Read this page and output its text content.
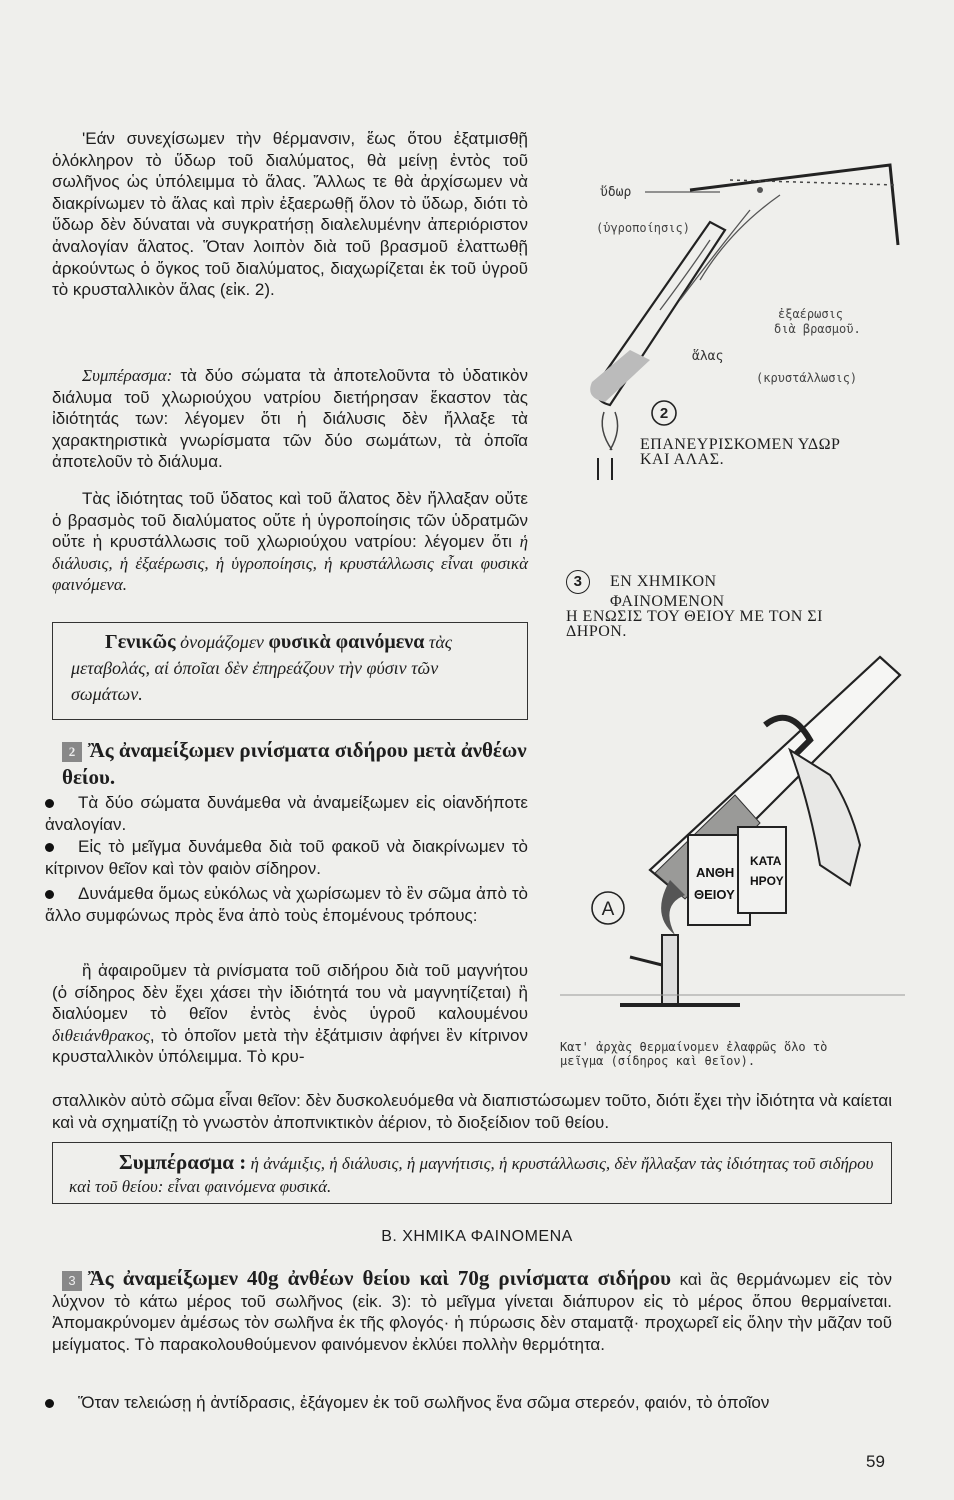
'Εάν συνεχίσωμεν τὴν θέρμανσιν, ἕως ὅτου ἐξατμισθῇ ὁλόκληρον τὸ ὕδωρ τοῦ διαλύματος, θὰ μείνῃ ἐντὸς τοῦ σωλῆνος ὡς ὑπόλειμμα τὸ ἅλας. Ἄλλως τε θὰ ἀρχίσωμεν νὰ διακρίνωμεν τὸ ἅλας καὶ πρὶν ἐξαερωθῇ ὅλον τὸ ὕδωρ, διότι τὸ ὕδωρ δὲν δύναται νὰ συγκρατήσῃ διαλελυμένην ἀπεριόριστον ἀναλογίαν ἅλατος. Ὅταν λοιπὸν διὰ τοῦ βρασμοῦ ἐλαττωθῇ ἀρκούντως ὁ ὄγκος τοῦ διαλύματος, διαχωρίζεται ἐκ τοῦ ὑγροῦ τὸ κρυσταλλικὸν ἅλας (εἰκ. 2).
Συμπέρασμα: τὰ δύο σώματα τὰ ἀποτελοῦντα τὸ ὑδατικὸν διάλυμα τοῦ χλωριούχου νατρίου διετήρησαν ἕκαστον τὰς ἰδιότητάς των: λέγομεν ὅτι ἡ διάλυσις δὲν ἤλλαξε τὰ χαρακτηριστικὰ γνωρίσματα τῶν δύο σωμάτων, τὰ ὁποῖα ἀποτελοῦν τὸ διάλυμα.
Τὰς ἰδιότητας τοῦ ὕδατος καὶ τοῦ ἅλατος δὲν ἤλλαξαν οὔτε ὁ βρασμὸς τοῦ διαλύματος οὔτε ἡ ὑγροποίησις τῶν ὑδρατμῶν οὔτε ἡ κρυστάλλωσις τοῦ χλωριούχου νατρίου: λέγομεν ὅτι ἡ διάλυσις, ἡ ἐξαέρωσις, ἡ ὑγροποίησις, ἡ κρυστάλλωσις εἶναι φυσικὰ φαινόμενα.
Γενικῶς ὀνομάζομεν φυσικὰ φαινόμενα τὰς μεταβολάς, αἱ ὁποῖαι δὲν ἐπηρεάζουν τὴν φύσιν τῶν σωμάτων.
2 Ἂς ἀναμείξωμεν ρινίσματα σιδήρου μετὰ ἀνθέων θείου.
Τὰ δύο σώματα δυνάμεθα νὰ ἀναμείξωμεν εἰς οἱανδήποτε ἀναλογίαν.
Εἰς τὸ μεῖγμα δυνάμεθα διὰ τοῦ φακοῦ νὰ διακρίνωμεν τὸ κίτρινον θεῖον καὶ τὸν φαιὸν σίδηρον.
Δυνάμεθα ὅμως εὐκόλως νὰ χωρίσωμεν τὸ ἓν σῶμα ἀπὸ τὸ ἄλλο συμφώνως πρὸς ἕνα ἀπὸ τοὺς ἑπομένους τρόπους:
ἢ ἀφαιροῦμεν τὰ ρινίσματα τοῦ σιδήρου διὰ τοῦ μαγνήτου (ὁ σίδηρος δὲν ἔχει χάσει τὴν ἰδιότητά του νὰ μαγνητίζεται) ἢ διαλύομεν τὸ θεῖον ἐντὸς ἑνὸς ὑγροῦ καλουμένου διθειάνθρακος, τὸ ὁποῖον μετὰ τὴν ἐξάτμισιν ἀφήνει ἓν κίτρινον κρυσταλλικὸν ὑπόλειμμα. Τὸ κρυ-
σταλλικὸν αὐτὸ σῶμα εἶναι θεῖον: δὲν δυσκολευόμεθα νὰ διαπιστώσωμεν τοῦτο, διότι ἔχει τὴν ἰδιότητα νὰ καίεται καὶ νὰ σχηματίζῃ τὸ γνωστὸν ἀποπνικτικὸν ἀέριον, τὸ διοξείδιον τοῦ θείου.
Συμπέρασμα : ἡ ἀνάμιξις, ἡ διάλυσις, ἡ μαγνήτισις, ἡ κρυστάλλωσις, δὲν ἤλλαξαν τὰς ἰδιότητας τοῦ σιδήρου καὶ τοῦ θείου: εἶναι φαινόμενα φυσικά.
Β. ΧΗΜΙΚΑ ΦΑΙΝΟΜΕΝΑ
3 Ἂς ἀναμείξωμεν 40g ἀνθέων θείου καὶ 70g ρινίσματα σιδήρου καὶ ἂς θερμάνωμεν εἰς τὸν λύχνον τὸ κάτω μέρος τοῦ σωλῆνος (εἰκ. 3): τὸ μεῖγμα γίνεται διάπυρον εἰς τὸ μέρος ὅπου θερμαίνεται. Ἀπομακρύνομεν ἀμέσως τὸν σωλῆνα ἐκ τῆς φλογός· ἡ πύρωσις δὲν σταματᾷ· προχωρεῖ εἰς ὅλην τὴν μᾶζαν τοῦ μείγματος. Τὸ παρακολουθούμενον φαινόμενον ἐκλύει πολλὴν θερμότητα.
Ὅταν τελειώσῃ ἡ ἀντίδρασις, ἐξάγομεν ἐκ τοῦ σωλῆνος ἕνα σῶμα στερεόν, φαιόν, τὸ ὁποῖον
59
ὕδωρ
(ὑγροποίησις)
ἐξαέρωσις
διὰ βρασμοῦ.
ἅλας
(κρυστάλλωσις)
2
ΕΠΑΝΕΥΡΙΣΚΟΜΕΝ ΥΔΩΡ
ΚΑΙ ΑΛΑΣ.
3 ΕΝ ΧΗΜΙΚΟΝ
ΦΑΙΝΟΜΕΝΟΝ
Η ΕΝΩΣΙΣ ΤΟΥ ΘΕΙΟΥ ΜΕ ΤΟΝ ΣΙ
ΔΗΡΟΝ.
ΑΝΘΗ
ΘΕΙΟΥ
ΚΑΤΑ
ΗΡΟΥ
A
Κατ' ἀρχὰς θερμαίνομεν ἐλαφρῶς ὅλο τὸ
μεῖγμα (σίδηρος καὶ θεῖον).
